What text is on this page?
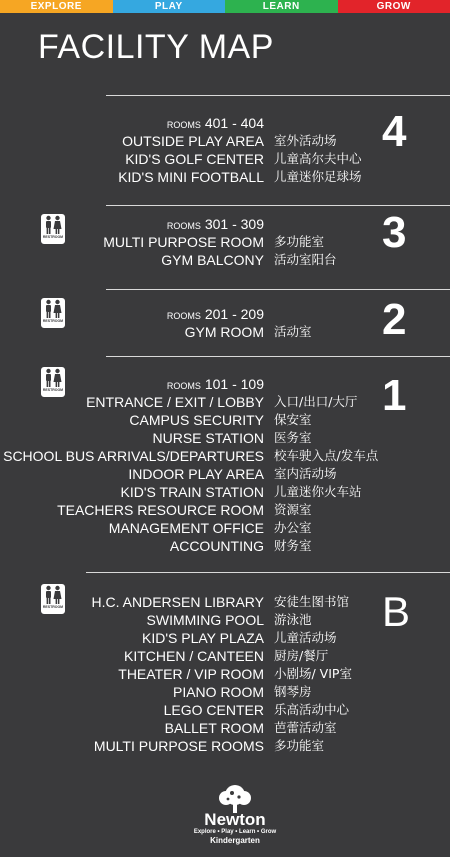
EXPLORE	PLAY	LEARN	GROW
FACILITY MAP
4
ROOMS 401 - 404
OUTSIDE PLAY AREA 室外活动场
KID'S GOLF CENTER 儿童高尔夫中心
KID'S MINI FOOTBALL 儿童迷你足球场
3
RESTROOM
ROOMS 301 - 309
MULTI PURPOSE ROOM 多功能室
GYM BALCONY 活动室阳台
2
RESTROOM	ROOMS 201 - 209
GYM ROOM 活动室
1
RESTROOM	ROOMS 101 - 109
ENTRANCE / EXIT / LOBBY 入口/出口/大厅
CAMPUS SECURITY 保安室
NURSE STATION 医务室
SCHOOL BUS ARRIVALS/DEPARTURES 校车驶入点/发车点
INDOOR PLAY AREA 室内活动场
KID'S TRAIN STATION 儿童迷你火车站
TEACHERS RESOURCE ROOM 资源室
MANAGEMENT OFFICE 办公室
ACCOUNTING 财务室
B
RESTROOM H.C. ANDERSEN LIBRARY 安徒生图书馆
SWIMMING POOL 游泳池
KID'S PLAY PLAZA 儿童活动场
KITCHEN / CANTEEN 厨房/餐厅
THEATER / VIP ROOM 小剧场/ VIP室
PIANO ROOM 钢琴房
LEGO CENTER 乐高活动中心
BALLET ROOM 芭蕾活动室
MULTI PURPOSE ROOMS 多功能室
Newton
Explore • Play • Learn • Grow
Kindergarten
